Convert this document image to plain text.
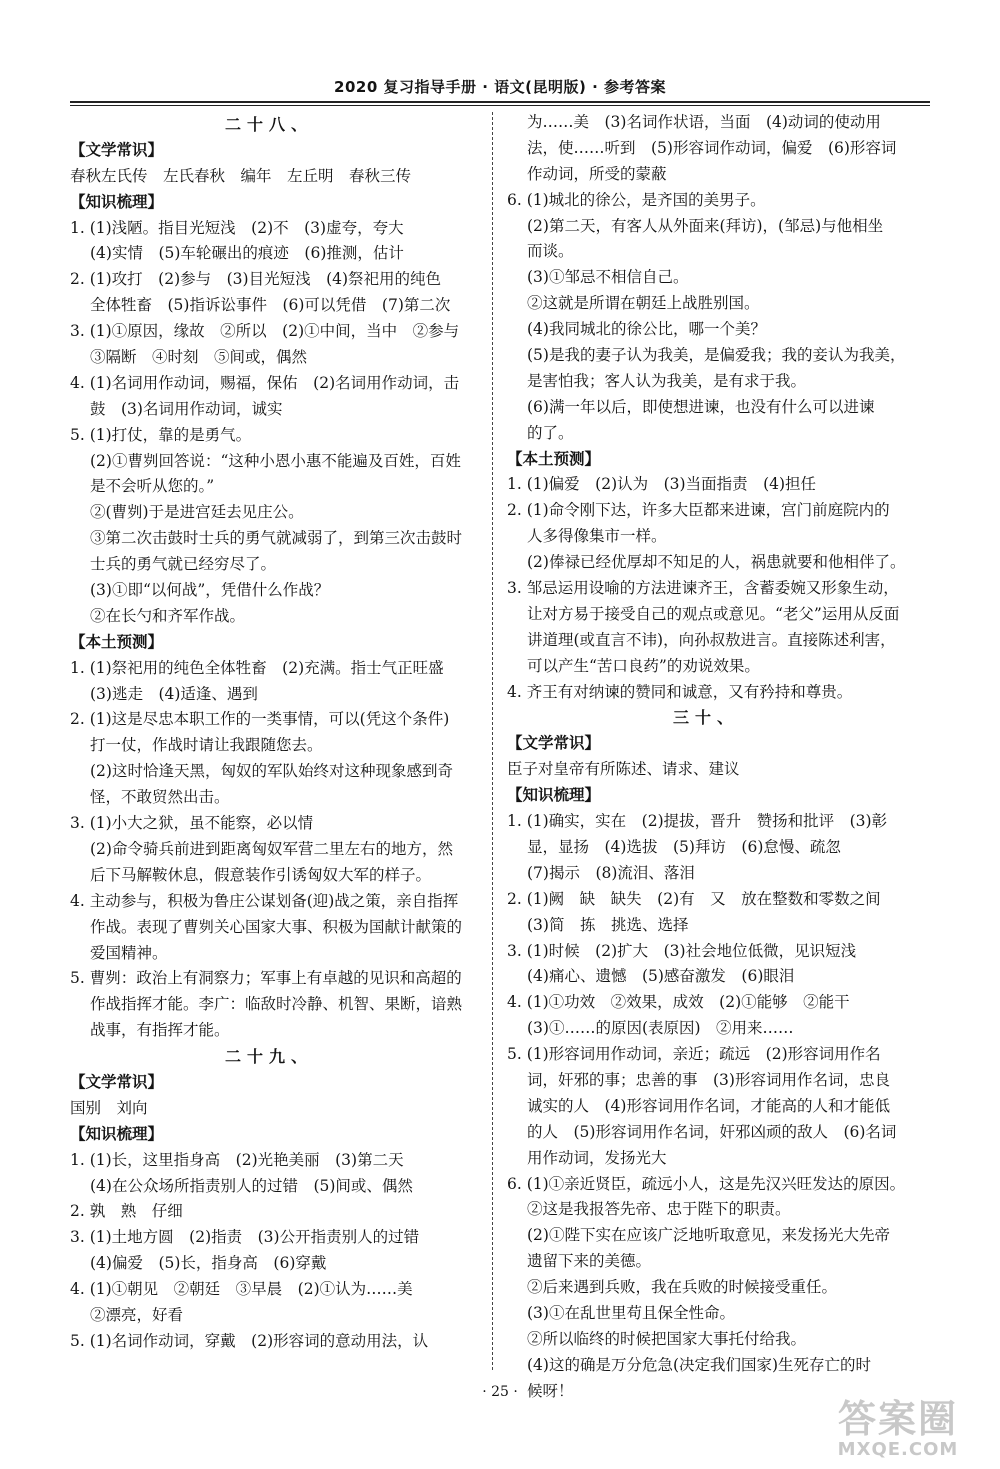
2020 复习指导手册 · 语文(昆明版) · 参考答案
二十八、
【文学常识】
春秋左氏传　左氏春秋　编年　左丘明　春秋三传
【知识梳理】
1. (1)浅陋。指目光短浅　(2)不　(3)虚夸，夸大
(4)实情　(5)车轮碾出的痕迹　(6)推测，估计
2. (1)攻打　(2)参与　(3)目光短浅　(4)祭祀用的纯色
全体牲畜　(5)指诉讼事件　(6)可以凭借　(7)第二次
3. (1)①原因，缘故　②所以　(2)①中间，当中　②参与
③隔断　④时刻　⑤间或，偶然
4. (1)名词用作动词，赐福，保佑　(2)名词用作动词，击
鼓　(3)名词用作动词，诚实
5. (1)打仗，靠的是勇气。
(2)①曹刿回答说：“这种小恩小惠不能遍及百姓，百姓
是不会听从您的。”
②(曹刿)于是进宫廷去见庄公。
③第二次击鼓时士兵的勇气就减弱了，到第三次击鼓时
士兵的勇气就已经穷尽了。
(3)①即“以何战”，凭借什么作战？
②在长勺和齐军作战。
【本土预测】
1. (1)祭祀用的纯色全体牲畜　(2)充满。指士气正旺盛
(3)逃走　(4)适逢、遇到
2. (1)这是尽忠本职工作的一类事情，可以(凭这个条件)
打一仗，作战时请让我跟随您去。
(2)这时恰逢天黑，匈奴的军队始终对这种现象感到奇
怪，不敢贸然出击。
3. (1)小大之狱，虽不能察，必以情
(2)命令骑兵前进到距离匈奴军营二里左右的地方，然
后下马解鞍休息，假意装作引诱匈奴大军的样子。
4. 主动参与，积极为鲁庄公谋划备(迎)战之策，亲自指挥
作战。表现了曹刿关心国家大事、积极为国献计献策的
爱国精神。
5. 曹刿：政治上有洞察力；军事上有卓越的见识和高超的
作战指挥才能。李广：临敌时冷静、机智、果断，谙熟
战事，有指挥才能。
二十九、
【文学常识】
国别　刘向
【知识梳理】
1. (1)长，这里指身高　(2)光艳美丽　(3)第二天
(4)在公众场所指责别人的过错　(5)间或、偶然
2. 孰　熟　仔细
3. (1)土地方圆　(2)指责　(3)公开指责别人的过错
(4)偏爱　(5)长，指身高　(6)穿戴
4. (1)①朝见　②朝廷　③早晨　(2)①认为……美
②漂亮，好看
5. (1)名词作动词，穿戴　(2)形容词的意动用法，认
为……美　(3)名词作状语，当面　(4)动词的使动用
法，使……听到　(5)形容词作动词，偏爱　(6)形容词
作动词，所受的蒙蔽
6. (1)城北的徐公，是齐国的美男子。
(2)第二天，有客人从外面来(拜访)，(邹忌)与他相坐
而谈。
(3)①邹忌不相信自己。
②这就是所谓在朝廷上战胜别国。
(4)我同城北的徐公比，哪一个美？
(5)是我的妻子认为我美，是偏爱我；我的妾认为我美，
是害怕我；客人认为我美，是有求于我。
(6)满一年以后，即使想进谏，也没有什么可以进谏
的了。
【本土预测】
1. (1)偏爱　(2)认为　(3)当面指责　(4)担任
2. (1)命令刚下达，许多大臣都来进谏，宫门前庭院内的
人多得像集市一样。
(2)俸禄已经优厚却不知足的人，祸患就要和他相伴了。
3. 邹忌运用设喻的方法进谏齐王，含蓄委婉又形象生动，
让对方易于接受自己的观点或意见。“老父”运用从反面
讲道理(或直言不讳)，向孙叔敖进言。直接陈述利害，
可以产生“苦口良药”的劝说效果。
4. 齐王有对纳谏的赞同和诚意，又有矜持和尊贵。
三十、
【文学常识】
臣子对皇帝有所陈述、请求、建议
【知识梳理】
1. (1)确实，实在　(2)提拔，晋升　赞扬和批评　(3)彰
显，显扬　(4)选拔　(5)拜访　(6)怠慢、疏忽
(7)揭示　(8)流泪、落泪
2. (1)阙　缺　缺失　(2)有　又　放在整数和零数之间
(3)简　拣　挑选、选择
3. (1)时候　(2)扩大　(3)社会地位低微，见识短浅
(4)痛心、遗憾　(5)感奋激发　(6)眼泪
4. (1)①功效　②效果，成效　(2)①能够　②能干
(3)①……的原因(表原因)　②用来……
5. (1)形容词用作动词，亲近；疏远　(2)形容词用作名
词，奸邪的事；忠善的事　(3)形容词用作名词，忠良
诚实的人　(4)形容词用作名词，才能高的人和才能低
的人　(5)形容词用作名词，奸邪凶顽的敌人　(6)名词
用作动词，发扬光大
6. (1)①亲近贤臣，疏远小人，这是先汉兴旺发达的原因。
②这是我报答先帝、忠于陛下的职责。
(2)①陛下实在应该广泛地听取意见，来发扬光大先帝
遗留下来的美德。
②后来遇到兵败，我在兵败的时候接受重任。
(3)①在乱世里苟且保全性命。
②所以临终的时候把国家大事托付给我。
(4)这的确是万分危急(决定我们国家)生死存亡的时
候呀！
· 25 ·
答案圈
MXQE.COM
